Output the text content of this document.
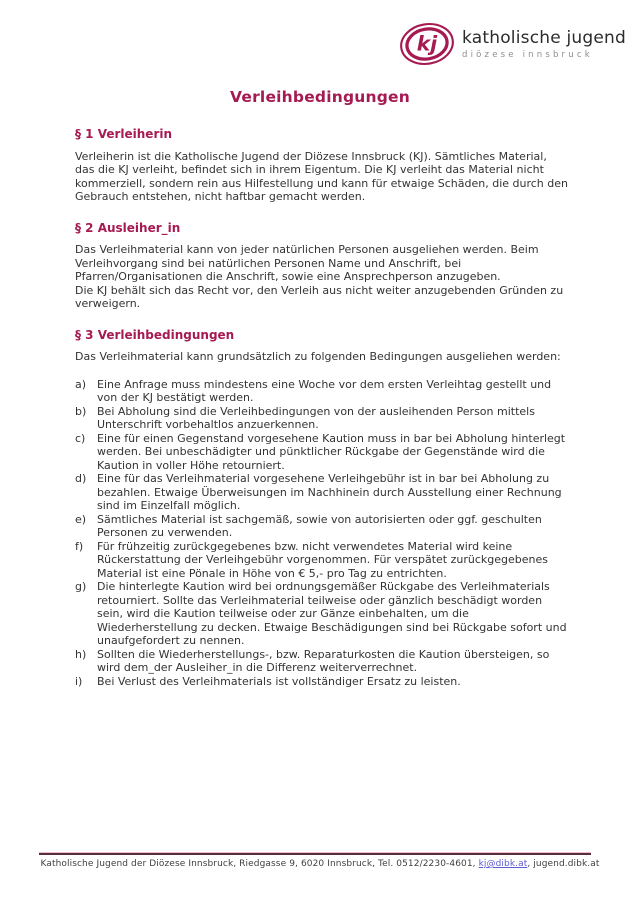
kj katholische jugend
diözese innsbruck
Verleihbedingungen
§ 1 Verleiherin
Verleiherin ist die Katholische Jugend der Diözese Innsbruck (KJ). Sämtliches Material, das die KJ verleiht, befindet sich in ihrem Eigentum. Die KJ verleiht das Material nicht kommerziell, sondern rein aus Hilfestellung und kann für etwaige Schäden, die durch den Gebrauch entstehen, nicht haftbar gemacht werden.
§ 2 Ausleiher_in
Das Verleihmaterial kann von jeder natürlichen Personen ausgeliehen werden. Beim Verleihvorgang sind bei natürlichen Personen Name und Anschrift, bei Pfarren/Organisationen die Anschrift, sowie eine Ansprechperson anzugeben.
Die KJ behält sich das Recht vor, den Verleih aus nicht weiter anzugebenden Gründen zu verweigern.
§ 3 Verleihbedingungen
Das Verleihmaterial kann grundsätzlich zu folgenden Bedingungen ausgeliehen werden:
a) Eine Anfrage muss mindestens eine Woche vor dem ersten Verleihtag gestellt und von der KJ bestätigt werden.
b) Bei Abholung sind die Verleihbedingungen von der ausleihenden Person mittels Unterschrift vorbehaltlos anzuerkennen.
c)	Eine für einen Gegenstand vorgesehene Kaution muss in bar bei Abholung hinterlegt werden. Bei unbeschädigter und pünktlicher Rückgabe der Gegenstände wird die Kaution in voller Höhe retourniert.
d) Eine für das Verleihmaterial vorgesehene Verleihgebühr ist in bar bei Abholung zu bezahlen. Etwaige Überweisungen im Nachhinein durch Ausstellung einer Rechnung sind im Einzelfall möglich.
e) Sämtliches Material ist sachgemäß, sowie von autorisierten oder ggf. geschulten Personen zu verwenden.
f)	Für frühzeitig zurückgegebenes bzw. nicht verwendetes Material wird keine Rückerstattung der Verleihgebühr vorgenommen. Für verspätet zurückgegebenes Material ist eine Pönale in Höhe von € 5,- pro Tag zu entrichten.
g) Die hinterlegte Kaution wird bei ordnungsgemäßer Rückgabe des Verleihmaterials retourniert. Sollte das Verleihmaterial teilweise oder gänzlich beschädigt worden sein, wird die Kaution teilweise oder zur Gänze einbehalten, um die Wiederherstellung zu decken. Etwaige Beschädigungen sind bei Rückgabe sofort und unaufgefordert zu nennen.
h) Sollten die Wiederherstellungs-, bzw. Reparaturkosten die Kaution übersteigen, so wird dem_der Ausleiher_in die Differenz weiterverrechnet.
i)	Bei Verlust des Verleihmaterials ist vollständiger Ersatz zu leisten.
Katholische Jugend der Diözese Innsbruck, Riedgasse 9, 6020 Innsbruck, Tel. 0512/2230-4601, kj@dibk.at, jugend.dibk.at
